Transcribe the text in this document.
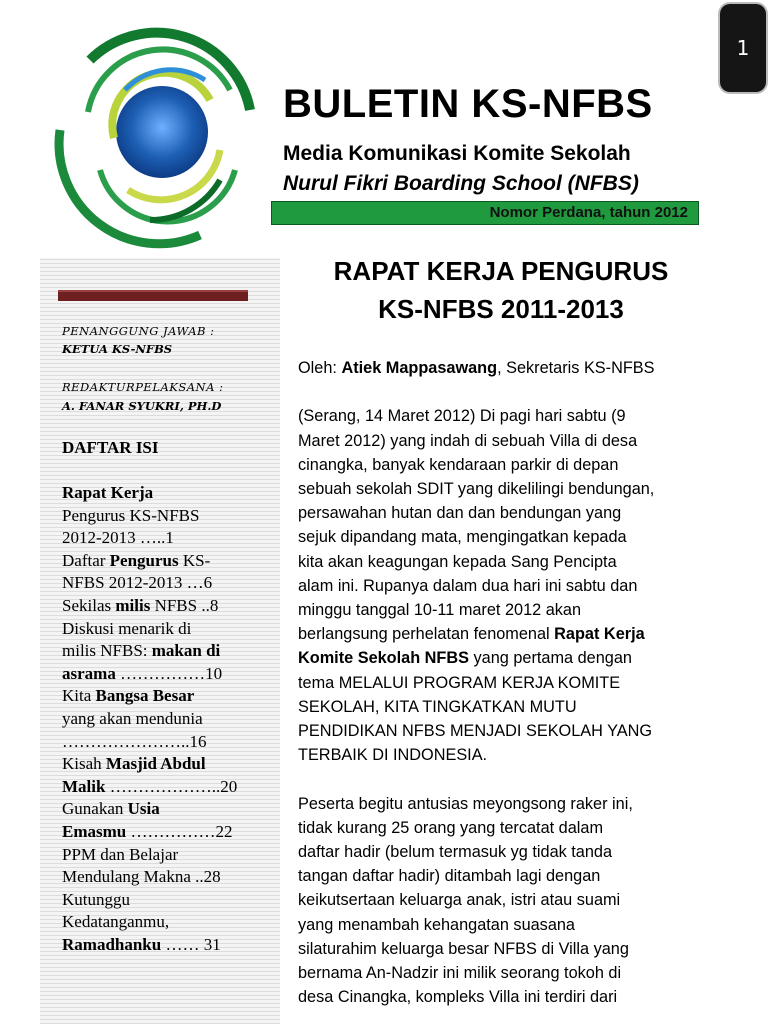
1
BULETIN KS-NFBS
Media Komunikasi Komite Sekolah
Nurul Fikri Boarding School (NFBS)
Nomor Perdana, tahun 2012
PENANGGUNG JAWAB :
KETUA KS-NFBS
REDAKTURPELAKSANA :
A. FANAR SYUKRI, PH.D
DAFTAR ISI
Rapat Kerja
Pengurus KS-NFBS
2012-2013 …..1
Daftar Pengurus KS-
NFBS 2012-2013 …6
Sekilas milis NFBS ..8
Diskusi menarik di
milis NFBS: makan di
asrama ……………10
Kita Bangsa Besar
yang akan mendunia
…………………..16
Kisah Masjid Abdul
Malik ………………..20
Gunakan Usia
Emasmu ……………22
PPM dan Belajar
Mendulang Makna ..28
Kutunggu
Kedatanganmu,
Ramadhanku …… 31
RAPAT KERJA PENGURUS
KS-NFBS 2011-2013

Oleh: Atiek Mappasawang, Sekretaris KS-NFBS

(Serang, 14 Maret 2012) Di pagi hari sabtu (9

Maret 2012) yang indah di sebuah Villa di desa

cinangka, banyak kendaraan parkir di depan

sebuah sekolah SDIT yang dikelilingi bendungan,

persawahan hutan dan dan bendungan yang

sejuk dipandang mata, mengingatkan kepada

kita akan keagungan kepada Sang Pencipta

alam ini. Rupanya dalam dua hari ini sabtu dan

minggu tanggal 10-11 maret 2012 akan

berlangsung perhelatan fenomenal Rapat Kerja

Komite Sekolah NFBS yang pertama dengan

tema MELALUI PROGRAM KERJA KOMITE

SEKOLAH, KITA TINGKATKAN MUTU

PENDIDIKAN NFBS MENJADI SEKOLAH YANG

TERBAIK DI INDONESIA.

Peserta begitu antusias meyongsong raker ini,

tidak kurang 25 orang yang tercatat dalam

daftar hadir (belum termasuk yg tidak tanda

tangan daftar hadir) ditambah lagi dengan

keikutsertaan keluarga anak, istri atau suami

yang menambah kehangatan suasana

silaturahim keluarga besar NFBS di Villa yang

bernama An-Nadzir ini milik seorang tokoh di

desa Cinangka, kompleks Villa ini terdiri dari
